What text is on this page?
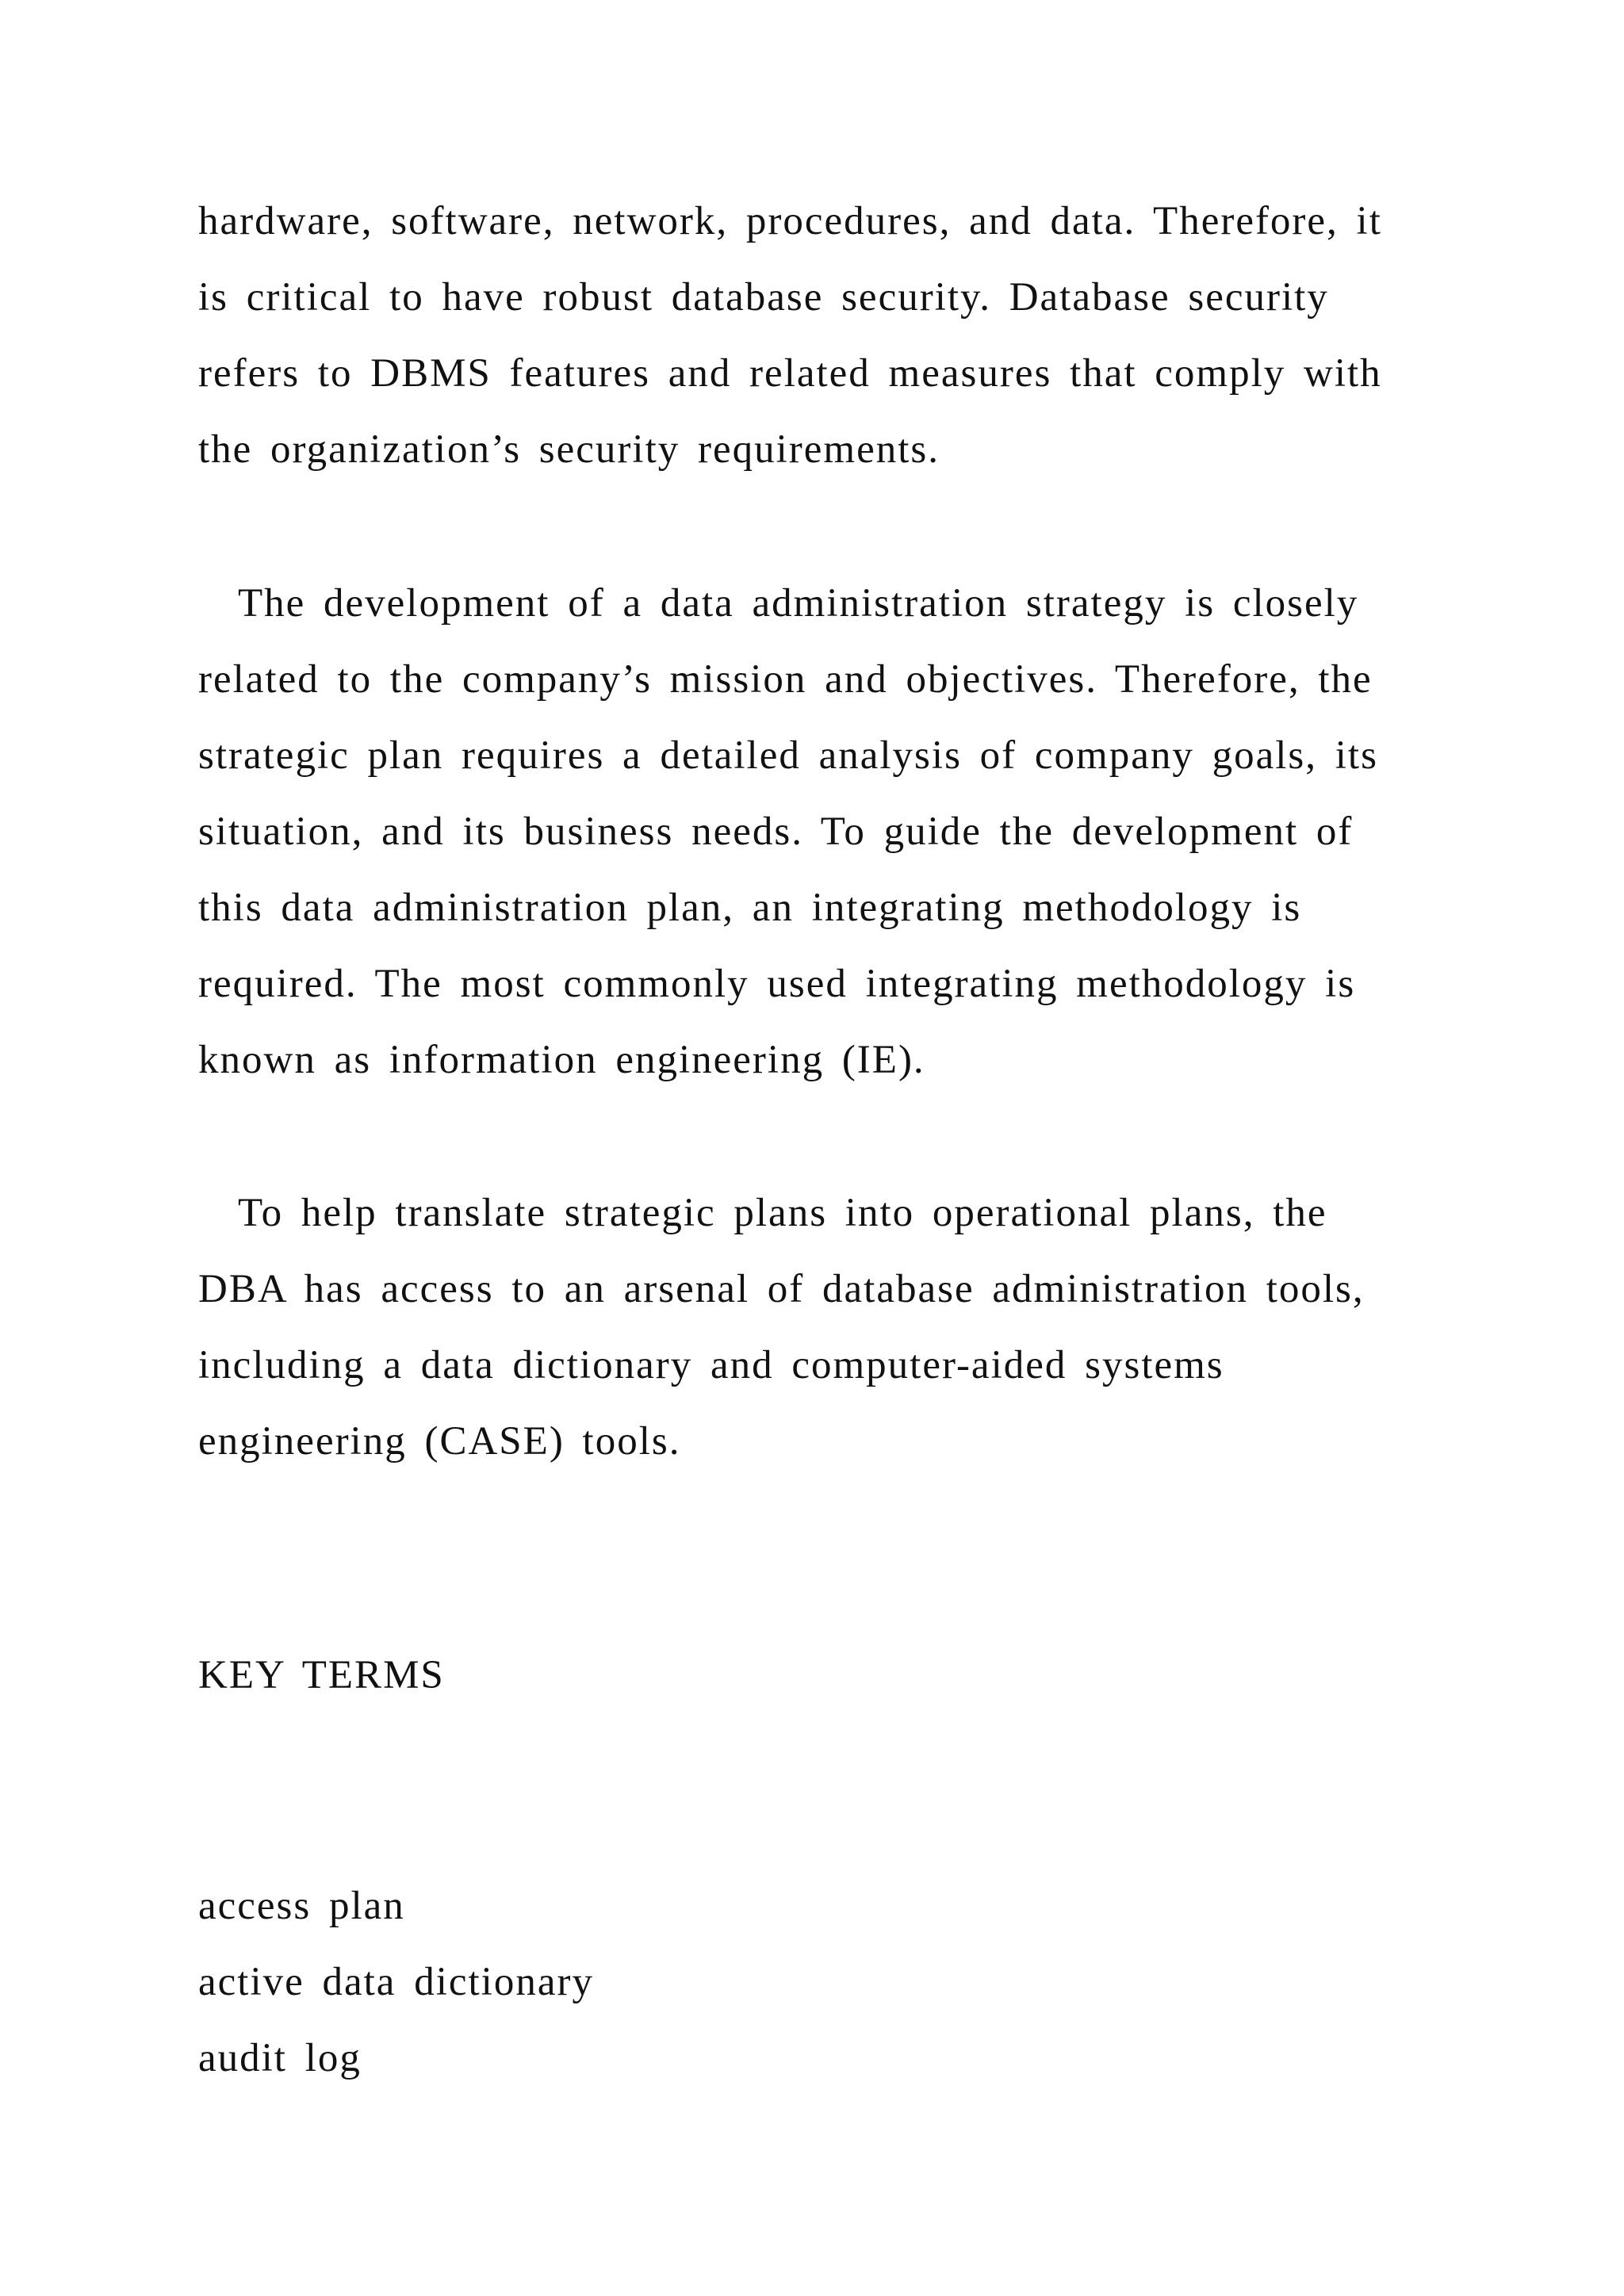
hardware, software, network, procedures, and data. Therefore, it
is critical to have robust database security. Database security
refers to DBMS features and related measures that comply with
the organization’s security requirements.
The development of a data administration strategy is closely
related to the company’s mission and objectives. Therefore, the
strategic plan requires a detailed analysis of company goals, its
situation, and its business needs. To guide the development of
this data administration plan, an integrating methodology is
required. The most commonly used integrating methodology is
known as information engineering (IE).
To help translate strategic plans into operational plans, the
DBA has access to an arsenal of database administration tools,
including a data dictionary and computer-aided systems
engineering (CASE) tools.
KEY TERMS
access plan
active data dictionary
audit log
